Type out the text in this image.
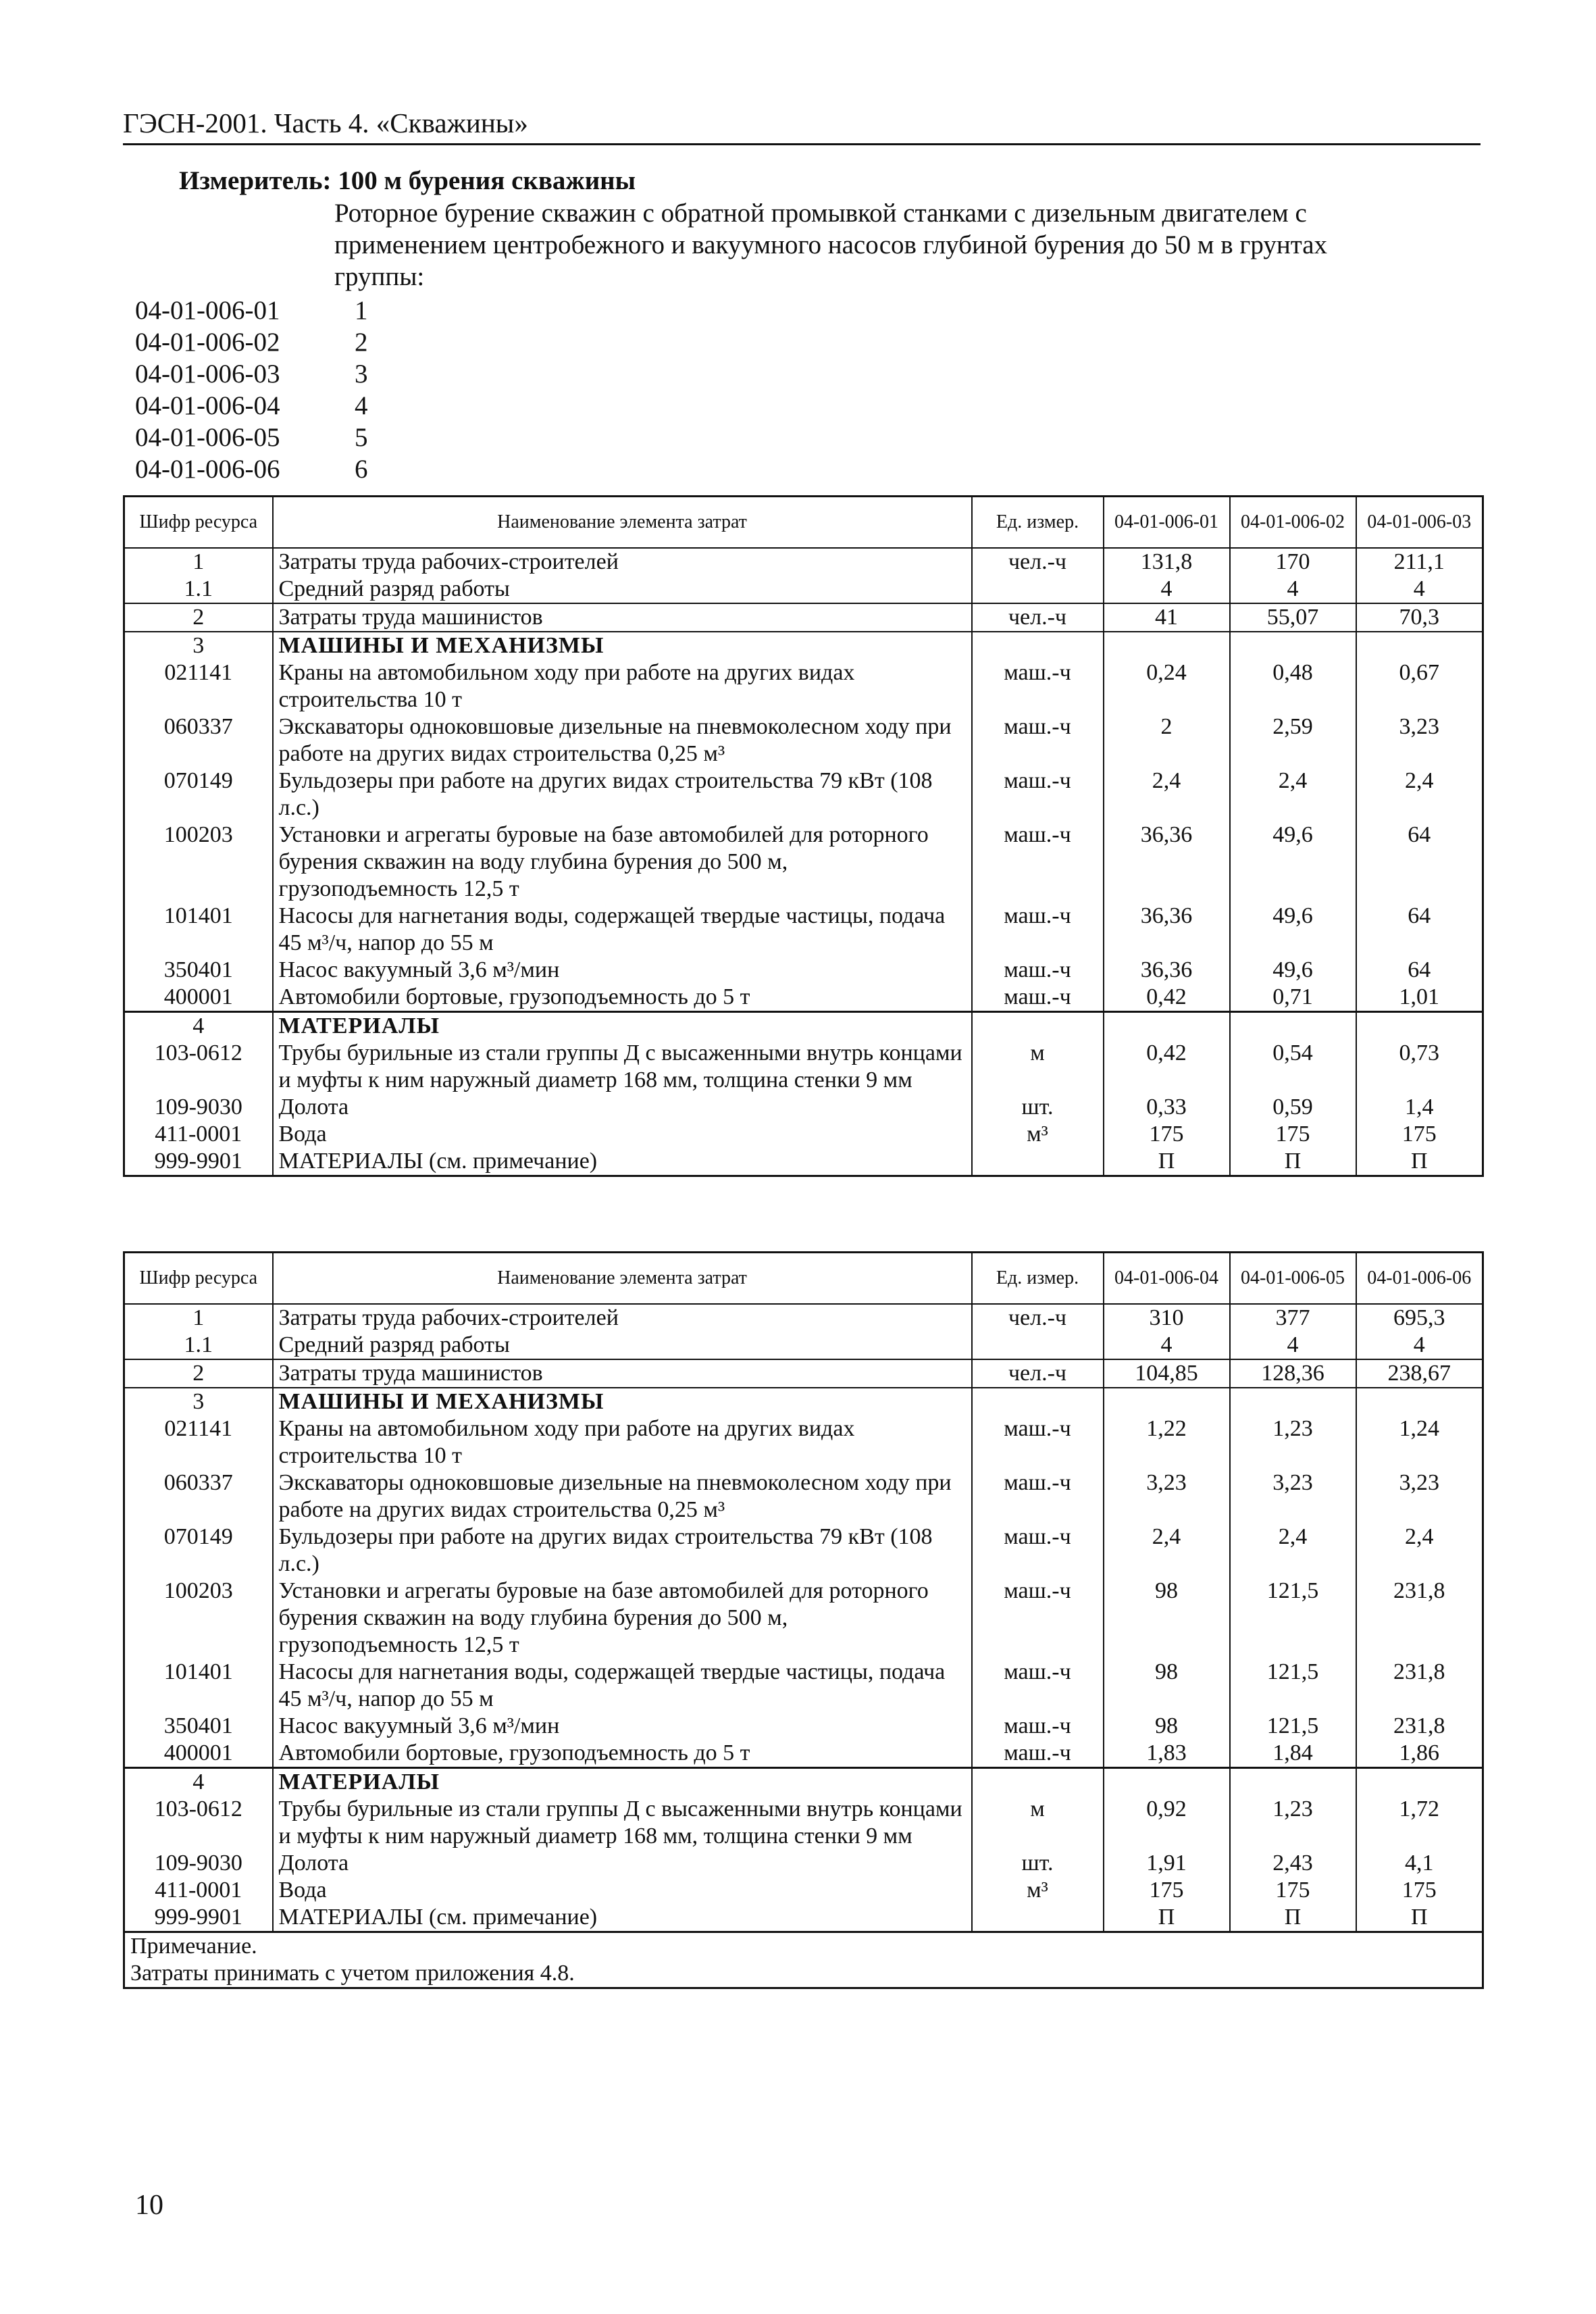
ГЭСН-2001. Часть 4. «Скважины»
Измеритель: 100 м бурения скважины
Роторное бурение скважин с обратной промывкой станками с дизельным двигателем с применением центробежного и вакуумного насосов глубиной бурения до 50 м в грунтах группы:
04-01-006-01	1
04-01-006-02	2
04-01-006-03	3
04-01-006-04	4
04-01-006-05	5
04-01-006-06	6
Шифр ресурса	Наименование элемента затрат	Ед. измер.	04-01-006-01	04-01-006-02	04-01-006-03
1	Затраты труда рабочих-строителей	чел.-ч	131,8	170	211,1
1.1	Средний разряд работы		4	4	4
2	Затраты труда машинистов	чел.-ч	41	55,07	70,3
3	МАШИНЫ И МЕХАНИЗМЫ				
021141	Краны на автомобильном ходу при работе на других видах строительства 10 т	маш.-ч	0,24	0,48	0,67
060337	Экскаваторы одноковшовые дизельные на пневмоколесном ходу при работе на других видах строительства 0,25 м³	маш.-ч	2	2,59	3,23
070149	Бульдозеры при работе на других видах строительства 79 кВт (108 л.с.)	маш.-ч	2,4	2,4	2,4
100203	Установки и агрегаты буровые на базе автомобилей для роторного бурения скважин на воду глубина бурения до 500 м, грузоподъемность 12,5 т	маш.-ч	36,36	49,6	64
101401	Насосы для нагнетания воды, содержащей твердые частицы, подача 45 м³/ч, напор до 55 м	маш.-ч	36,36	49,6	64
350401	Насос вакуумный 3,6 м³/мин	маш.-ч	36,36	49,6	64
400001	Автомобили бортовые, грузоподъемность до 5 т	маш.-ч	0,42	0,71	1,01
4	МАТЕРИАЛЫ				
103-0612	Трубы бурильные из стали группы Д с высаженными внутрь концами и муфты к ним наружный диаметр 168 мм, толщина стенки 9 мм	м	0,42	0,54	0,73
109-9030	Долота	шт.	0,33	0,59	1,4
411-0001	Вода	м³	175	175	175
999-9901	МАТЕРИАЛЫ (см. примечание)		П	П	П
Шифр ресурса	Наименование элемента затрат	Ед. измер.	04-01-006-04	04-01-006-05	04-01-006-06
1	Затраты труда рабочих-строителей	чел.-ч	310	377	695,3
1.1	Средний разряд работы		4	4	4
2	Затраты труда машинистов	чел.-ч	104,85	128,36	238,67
3	МАШИНЫ И МЕХАНИЗМЫ				
021141	Краны на автомобильном ходу при работе на других видах строительства 10 т	маш.-ч	1,22	1,23	1,24
060337	Экскаваторы одноковшовые дизельные на пневмоколесном ходу при работе на других видах строительства 0,25 м³	маш.-ч	3,23	3,23	3,23
070149	Бульдозеры при работе на других видах строительства 79 кВт (108 л.с.)	маш.-ч	2,4	2,4	2,4
100203	Установки и агрегаты буровые на базе автомобилей для роторного бурения скважин на воду глубина бурения до 500 м, грузоподъемность 12,5 т	маш.-ч	98	121,5	231,8
101401	Насосы для нагнетания воды, содержащей твердые частицы, подача 45 м³/ч, напор до 55 м	маш.-ч	98	121,5	231,8
350401	Насос вакуумный 3,6 м³/мин	маш.-ч	98	121,5	231,8
400001	Автомобили бортовые, грузоподъемность до 5 т	маш.-ч	1,83	1,84	1,86
4	МАТЕРИАЛЫ				
103-0612	Трубы бурильные из стали группы Д с высаженными внутрь концами и муфты к ним наружный диаметр 168 мм, толщина стенки 9 мм	м	0,92	1,23	1,72
109-9030	Долота	шт.	1,91	2,43	4,1
411-0001	Вода	м³	175	175	175
999-9901	МАТЕРИАЛЫ (см. примечание)		П	П	П
Примечание.					
Затраты принимать с учетом приложения 4.8.					
10
